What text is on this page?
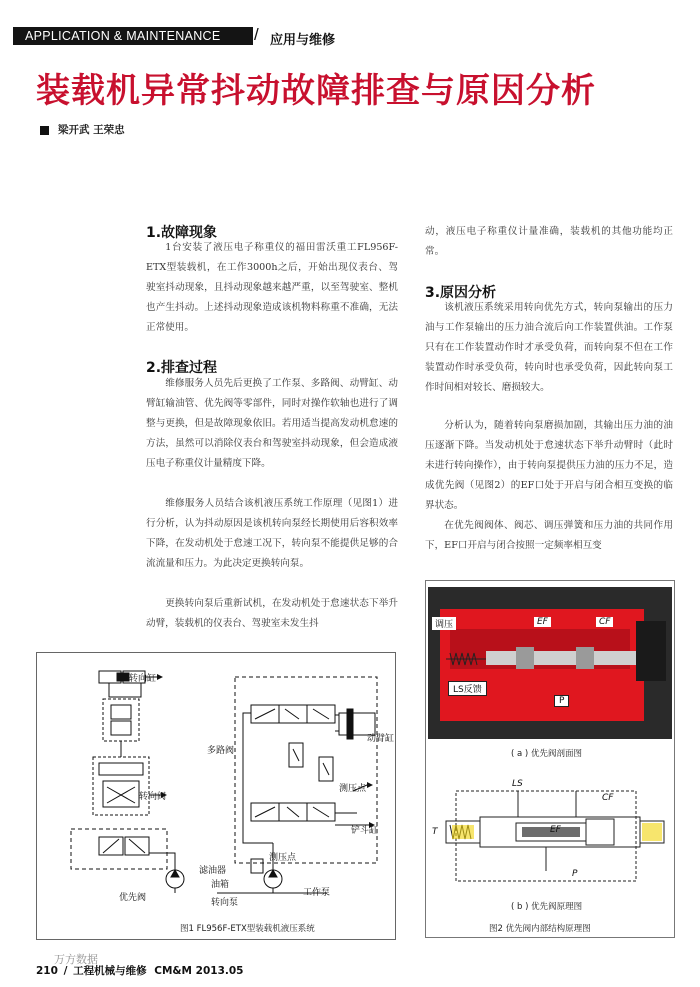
APPLICATION & MAINTENANCE	/ 应用与维修
装载机异常抖动故障排查与原因分析
梁开武 王荣忠
1.故障现象
1台安装了液压电子称重仪的福田雷沃重工FL956F-ETX型装载机，在工作3000h之后，开始出现仪表台、驾驶室抖动现象，且抖动现象越来越严重，以至驾驶室、整机也产生抖动。上述抖动现象造成该机物料称重不准确，无法正常使用。
2.排查过程
维修服务人员先后更换了工作泵、多路阀、动臂缸、动臂缸输油管、优先阀等零部件，同时对操作软轴也进行了调整与更换，但是故障现象依旧。若用适当提高发动机怠速的方法，虽然可以消除仪表台和驾驶室抖动现象，但会造成液压电子称重仪计量精度下降。
维修服务人员结合该机液压系统工作原理（见图1）进行分析，认为抖动原因是该机转向泵经长期使用后容积效率下降，在发动机处于怠速工况下，转向泵不能提供足够的合流流量和压力。为此决定更换转向泵。
更换转向泵后重新试机，在发动机处于怠速状态下举升动臂，装载机的仪表台、驾驶室未发生抖
动，液压电子称重仪计量准确，装载机的其他功能均正常。
3.原因分析
该机液压系统采用转向优先方式，转向泵输出的压力油与工作泵输出的压力油合流后向工作装置供油。工作泵只有在工作装置动作时才承受负荷，而转向泵不但在工作装置动作时承受负荷，转向时也承受负荷，因此转向泵工作时间相对较长、磨损较大。
分析认为，随着转向泵磨损加剧，其输出压力油的油压逐渐下降。当发动机处于怠速状态下举升动臂时（此时未进行转向操作），由于转向泵提供压力油的压力不足，造成优先阀（见图2）的EF口处于开启与闭合相互变换的临界状态。
在优先阀阀体、阀芯、调压弹簧和压力油的共同作用下，EF口开启与闭合按照一定频率相互变
转向缸
多路阀
动臂缸
转向阀
测压点
铲斗缸
测压点
滤油器
油箱
优先阀	工作泵
转向泵
图1 FL956F-ETX型装载机液压系统
调压	EF	CF
LS反馈
P
LS
CF
T	EF
P
( a ) 优先阀剖面图
( b ) 优先阀原理图
图2 优先阀内部结构原理图
万方数据
210 / 工程机械与维修 CM&M 2013.05
